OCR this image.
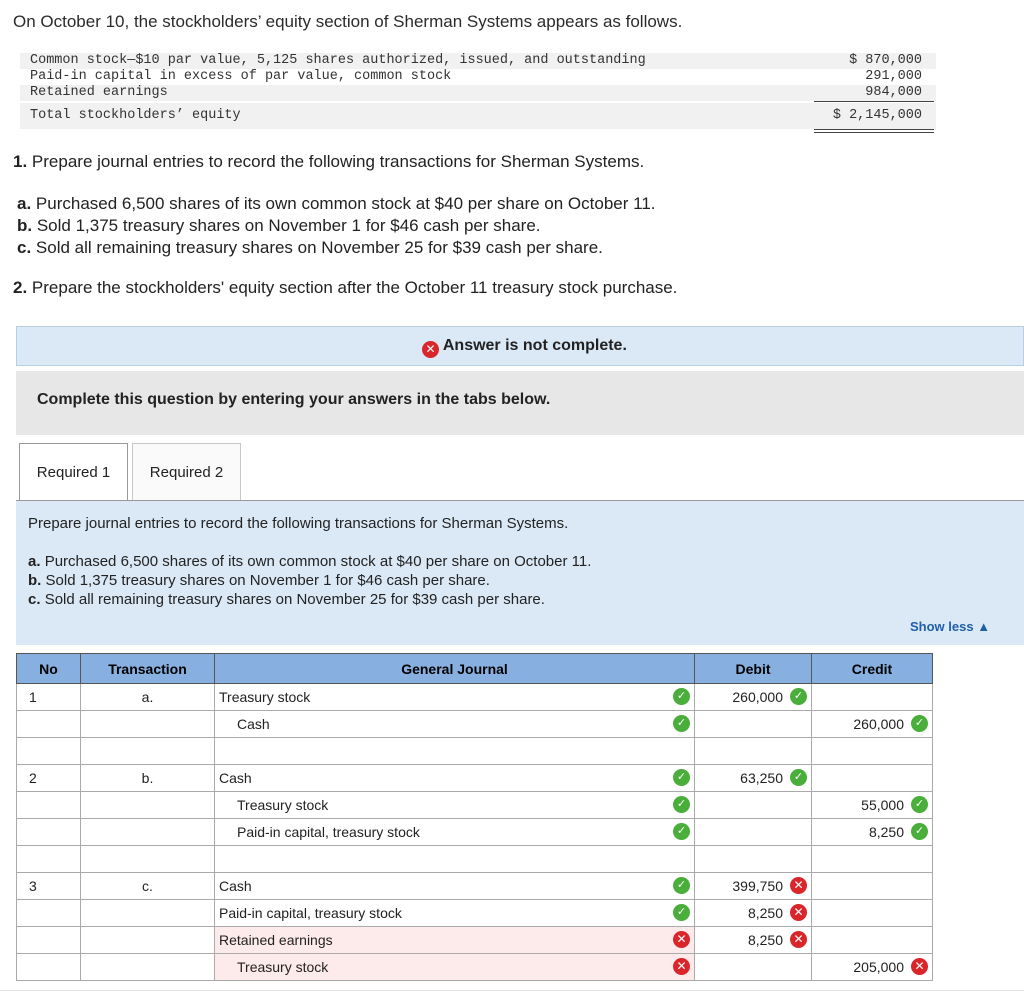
On October 10, the stockholders’ equity section of Sherman Systems appears as follows.
Common stock—$10 par value, 5,125 shares authorized, issued, and outstanding	$ 870,000
Paid-in capital in excess of par value, common stock	291,000
Retained earnings	984,000
Total stockholders’ equity	$ 2,145,000
1. Prepare journal entries to record the following transactions for Sherman Systems.
a. Purchased 6,500 shares of its own common stock at $40 per share on October 11.
b. Sold 1,375 treasury shares on November 1 for $46 cash per share.
c. Sold all remaining treasury shares on November 25 for $39 cash per share.
2. Prepare the stockholders' equity section after the October 11 treasury stock purchase.
✕ Answer is not complete.
Complete this question by entering your answers in the tabs below.
Required 1	Required 2
Prepare journal entries to record the following transactions for Sherman Systems.
a. Purchased 6,500 shares of its own common stock at $40 per share on October 11.
b. Sold 1,375 treasury shares on November 1 for $46 cash per share.
c. Sold all remaining treasury shares on November 25 for $39 cash per share.
Show less ▲
No	Transaction	General Journal	Debit	Credit
1	a.	Treasury stock ✓	260,000 ✓	

		Cash ✓		260,000 ✓

2	b.	Cash ✓	63,250 ✓	

		Treasury stock ✓		55,000 ✓

		Paid-in capital, treasury stock ✓		8,250 ✓

3	c.	Cash ✓	399,750 ✕	

		Paid-in capital, treasury stock ✓	8,250 ✕	

		Retained earnings ✕	8,250 ✕	

		Treasury stock ✕		205,000 ✕
